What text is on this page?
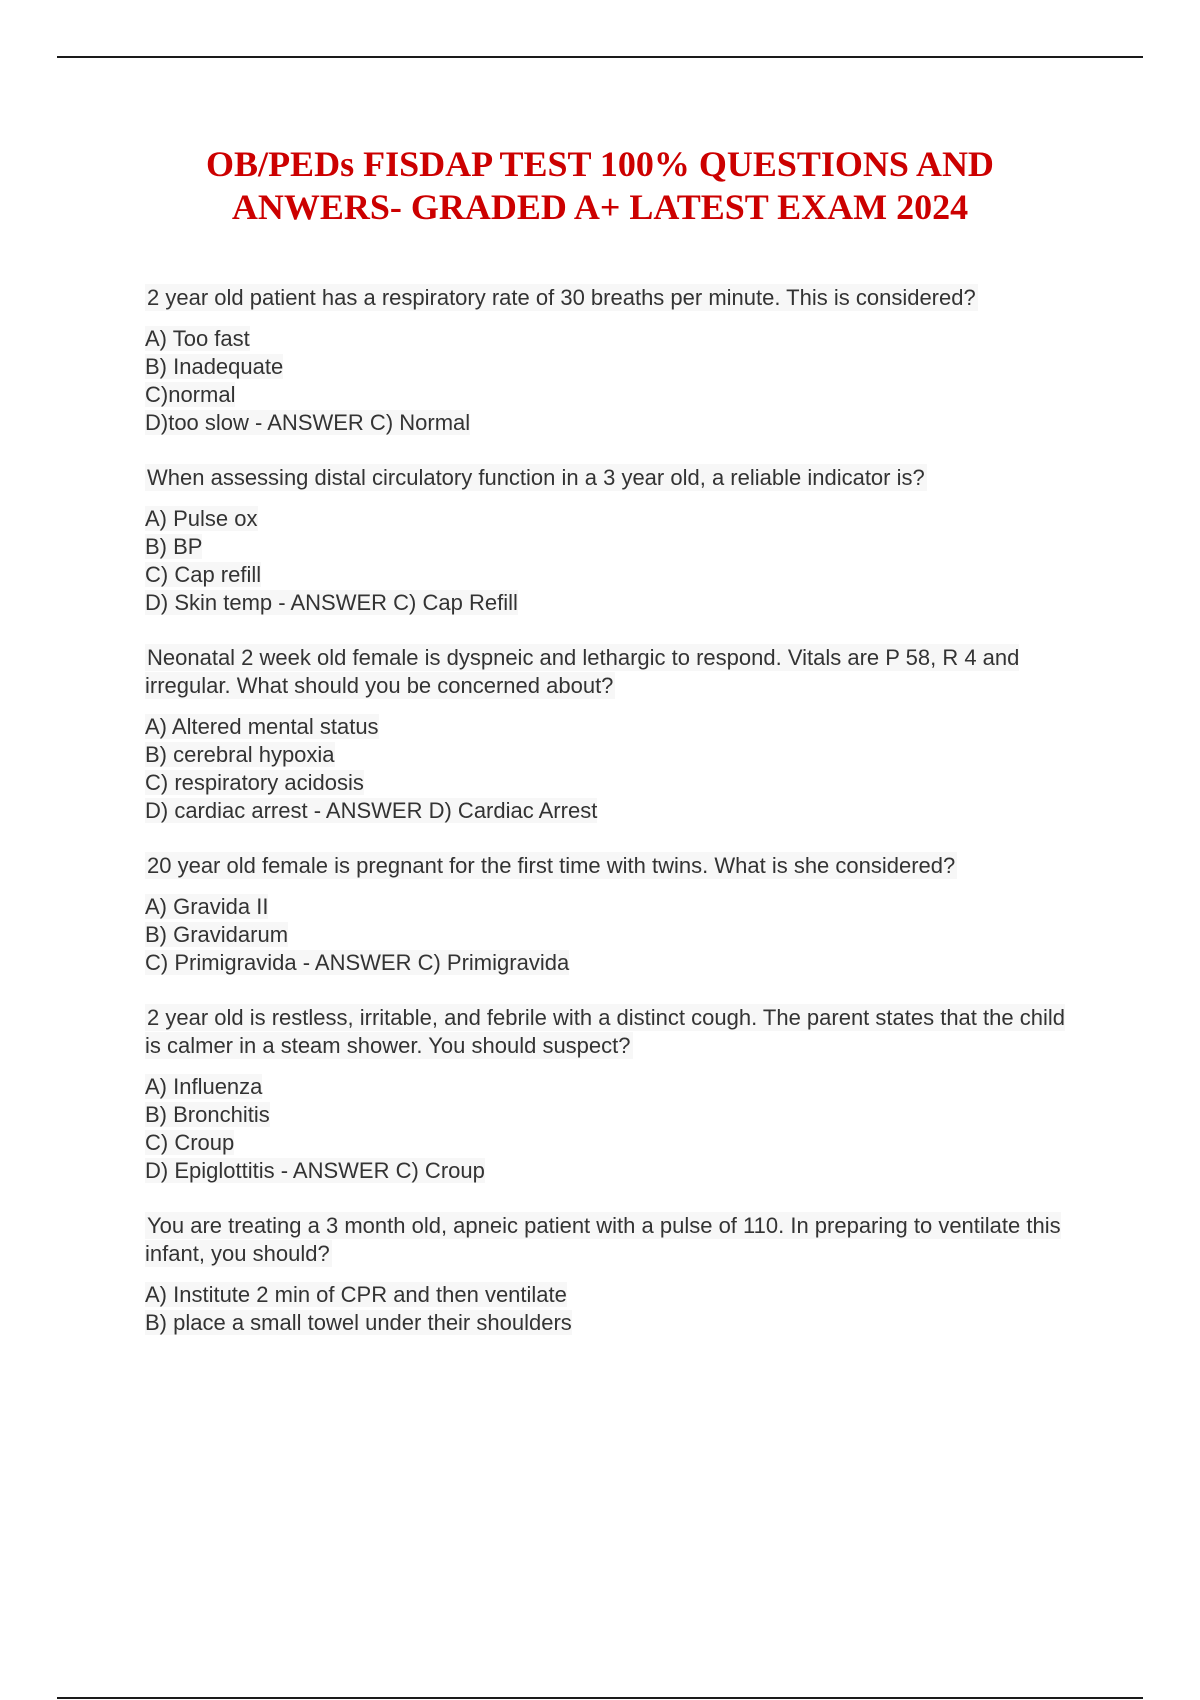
OB/PEDs FISDAP TEST 100% QUESTIONS AND
ANWERS- GRADED A+ LATEST EXAM 2024

2 year old patient has a respiratory rate of 30 breaths per minute. This is considered?

A) Too fast
B) Inadequate
C)normal
D)too slow - ANSWER C) Normal

When assessing distal circulatory function in a 3 year old, a reliable indicator is?

A) Pulse ox
B) BP
C) Cap refill
D) Skin temp - ANSWER C) Cap Refill

Neonatal 2 week old female is dyspneic and lethargic to respond. Vitals are P 58, R 4 and irregular. What should you be concerned about?

A) Altered mental status
B) cerebral hypoxia
C) respiratory acidosis
D) cardiac arrest - ANSWER D) Cardiac Arrest

20 year old female is pregnant for the first time with twins. What is she considered?

A) Gravida II
B) Gravidarum
C) Primigravida - ANSWER C) Primigravida

2 year old is restless, irritable, and febrile with a distinct cough. The parent states that the child is calmer in a steam shower. You should suspect?

A) Influenza
B) Bronchitis
C) Croup
D) Epiglottitis - ANSWER C) Croup

You are treating a 3 month old, apneic patient with a pulse of 110. In preparing to ventilate this infant, you should?

A) Institute 2 min of CPR and then ventilate
B) place a small towel under their shoulders
